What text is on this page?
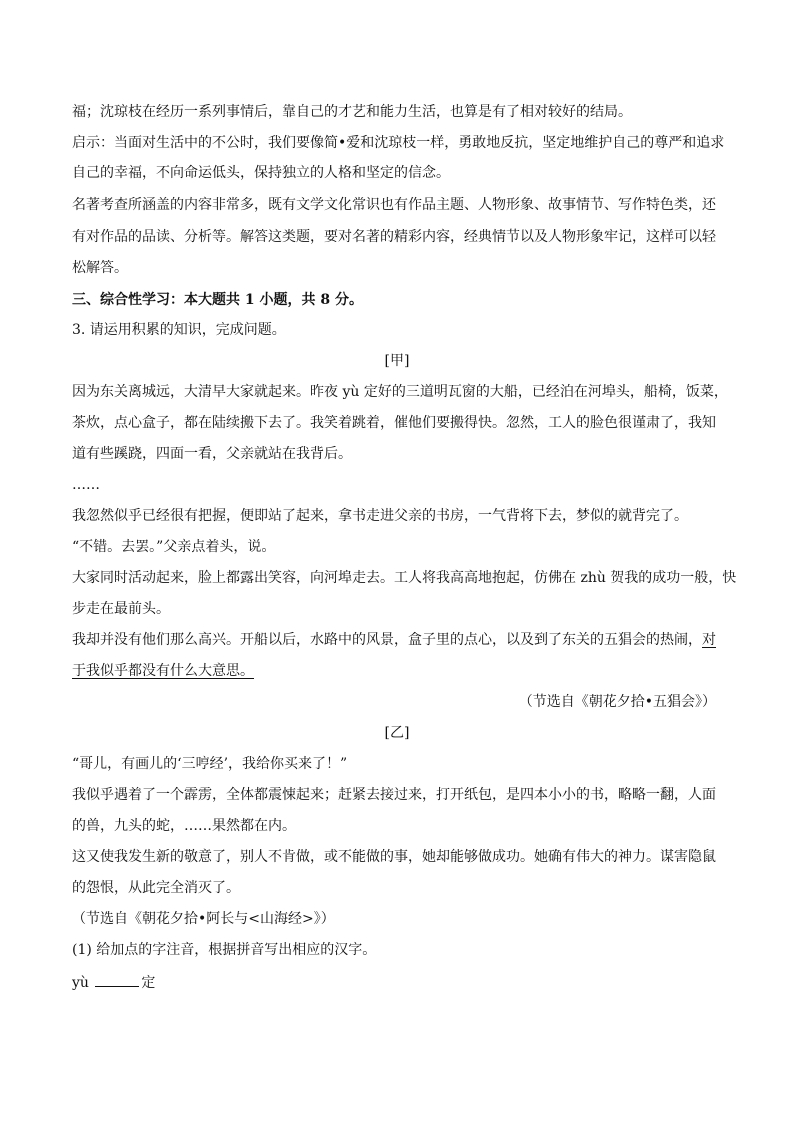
福；沈琼枝在经历一系列事情后，靠自己的才艺和能力生活，也算是有了相对较好的结局。
启示：当面对生活中的不公时，我们要像简•爱和沈琼枝一样，勇敢地反抗，坚定地维护自己的尊严和追求
自己的幸福，不向命运低头，保持独立的人格和坚定的信念。
名著考查所涵盖的内容非常多，既有文学文化常识也有作品主题、人物形象、故事情节、写作特色类，还
有对作品的品读、分析等。解答这类题，要对名著的精彩内容，经典情节以及人物形象牢记，这样可以轻
松解答。
三、综合性学习：本大题共 1 小题，共 8 分。
3. 请运用积累的知识，完成问题。
[甲]
因为东关离城远，大清早大家就起来。昨夜 yù 定好的三道明瓦窗的大船，已经泊在河埠头，船椅，饭菜，
茶炊，点心盒子，都在陆续搬下去了。我笑着跳着，催他们要搬得快。忽然，工人的脸色很谨肃了，我知
道有些蹊跷，四面一看，父亲就站在我背后。
……
我忽然似乎已经很有把握，便即站了起来，拿书走进父亲的书房，一气背将下去，梦似的就背完了。
“不错。去罢。”父亲点着头，说。
大家同时活动起来，脸上都露出笑容，向河埠走去。工人将我高高地抱起，仿佛在 zhù 贺我的成功一般，快
步走在最前头。
我却并没有他们那么高兴。开船以后，水路中的风景，盒子里的点心，以及到了东关的五猖会的热闹，对
于我似乎都没有什么大意思。
（节选自《朝花夕拾•五猖会》）
[乙]
“哥儿，有画儿的‘三哼经’，我给你买来了！”
我似乎遇着了一个霹雳，全体都震悚起来；赶紧去接过来，打开纸包，是四本小小的书，略略一翻，人面
的兽，九头的蛇，……果然都在内。
这又使我发生新的敬意了，别人不肯做，或不能做的事，她却能够做成功。她确有伟大的神力。谋害隐鼠
的怨恨，从此完全消灭了。
（节选自《朝花夕拾•阿长与<山海经>》）
(1) 给加点的字注音，根据拼音写出相应的汉字。
yù	定
